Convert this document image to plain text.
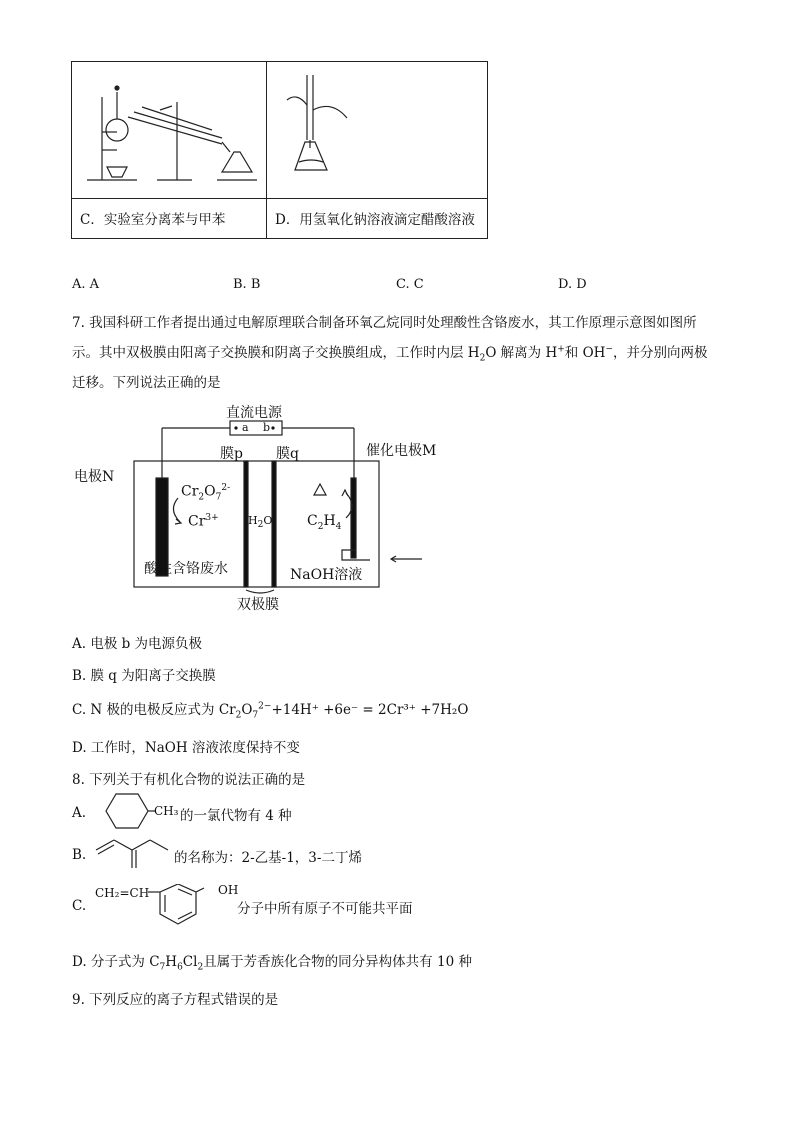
C．实验室分离苯与甲苯	D．用氢氧化钠溶液滴定醋酸溶液
A. A	B. B	C. C	D. D
7. 我国科研工作者提出通过电解原理联合制备环氧乙烷同时处理酸性含铬废水，其工作原理示意图如图所
示。其中双极膜由阳离子交换膜和阴离子交换膜组成，工作时内层 $H_2O$ 解离为 H+和 OH−，并分别向两极
迁移。下列说法正确的是
直流电源
a b
膜p 膜q	催化电极M
电极N
$Cr_2O_7^{2-}$
$Cr^{3+}$	$H_2O$ $C_2H_4$
酸性含铬废水	NaOH溶液
双极膜
A. 电极 b 为电源负极
B. 膜 q 为阳离子交换膜
C. N 极的电极反应式为 $Cr_2O_7^{2-}+14H^+ +6e^- = 2Cr^{3+} +7H_2O$
D. 工作时，NaOH 溶液浓度保持不变
8. 下列关于有机化合物的说法正确的是
A.	CH₃ 的一氯代物有 4 种
B.	的名称为：2-乙基-1，3-二丁烯
C.
CH₂=CH	OH
分子中所有原子不可能共平面
D. 分子式为 $C_7H_6Cl_2$且属于芳香族化合物的同分异构体共有 10 种
9. 下列反应的离子方程式错误的是
